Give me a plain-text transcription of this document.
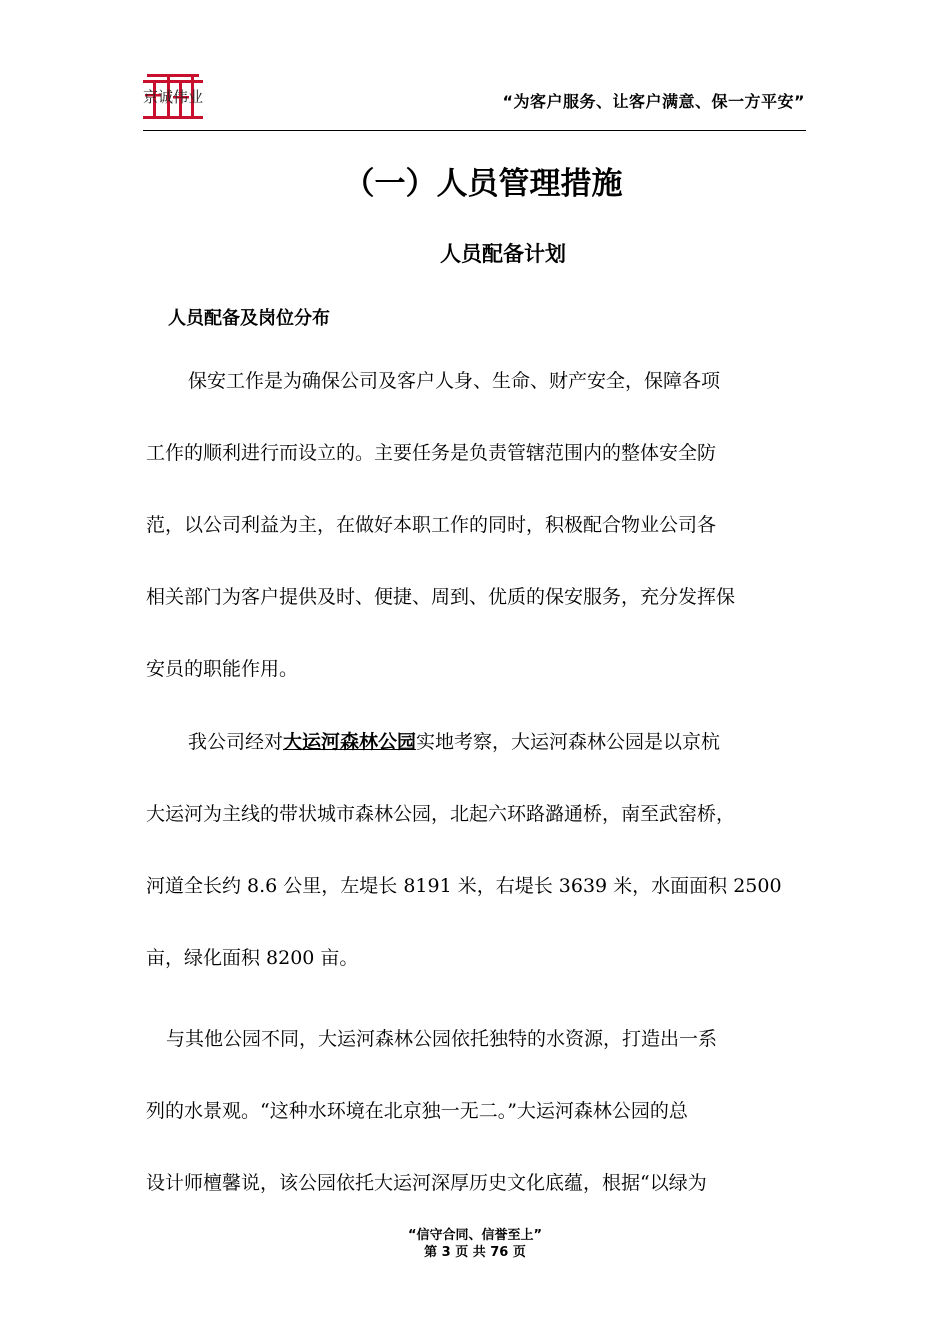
京诚伟业	“为客户服务、让客户满意、保一方平安”
（一）人员管理措施
人员配备计划
人员配备及岗位分布
保安工作是为确保公司及客户人身、生命、财产安全，保障各项
工作的顺利进行而设立的。主要任务是负责管辖范围内的整体安全防
范，以公司利益为主，在做好本职工作的同时，积极配合物业公司各
相关部门为客户提供及时、便捷、周到、优质的保安服务，充分发挥保
安员的职能作用。
我公司经对大运河森林公园实地考察，大运河森林公园是以京杭
大运河为主线的带状城市森林公园，北起六环路潞通桥，南至武窑桥，
河道全长约 8.6 公里，左堤长 8191 米，右堤长 3639 米，水面面积 2500
亩，绿化面积 8200 亩。
与其他公园不同，大运河森林公园依托独特的水资源，打造出一系
列的水景观。“这种水环境在北京独一无二。”大运河森林公园的总
设计师檀馨说，该公园依托大运河深厚历史文化底蕴，根据“以绿为
“信守合同、信誉至上”
第 3 页 共 76 页
